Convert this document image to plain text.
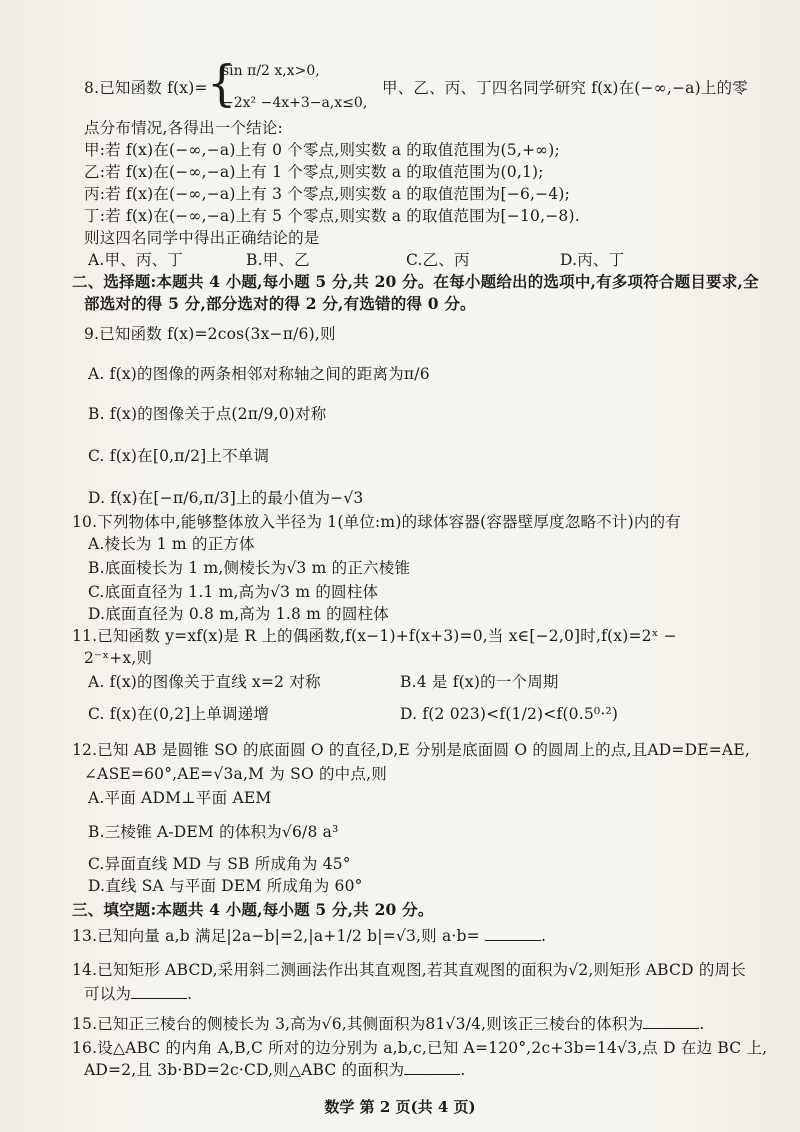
8.已知函数 f(x)= {
sin π/2 x,x>0,
−2x² −4x+3−a,x≤0,
甲、乙、丙、丁四名同学研究 f(x)在(−∞,−a)上的零
点分布情况,各得出一个结论:
甲:若 f(x)在(−∞,−a)上有 0 个零点,则实数 a 的取值范围为(5,+∞);
乙:若 f(x)在(−∞,−a)上有 1 个零点,则实数 a 的取值范围为(0,1);
丙:若 f(x)在(−∞,−a)上有 3 个零点,则实数 a 的取值范围为[−6,−4);
丁:若 f(x)在(−∞,−a)上有 5 个零点,则实数 a 的取值范围为[−10,−8).
则这四名同学中得出正确结论的是
A.甲、丙、丁	B.甲、乙	C.乙、丙	D.丙、丁
二、选择题:本题共 4 小题,每小题 5 分,共 20 分。在每小题给出的选项中,有多项符合题目要求,全
部选对的得 5 分,部分选对的得 2 分,有选错的得 0 分。
9.已知函数 f(x)=2cos(3x−π/6),则
A. f(x)的图像的两条相邻对称轴之间的距离为π/6
B. f(x)的图像关于点(2π/9,0)对称
C. f(x)在[0,π/2]上不单调
D. f(x)在[−π/6,π/3]上的最小值为−√3
10.下列物体中,能够整体放入半径为 1(单位:m)的球体容器(容器壁厚度忽略不计)内的有
A.棱长为 1 m 的正方体
B.底面棱长为 1 m,侧棱长为√3 m 的正六棱锥
C.底面直径为 1.1 m,高为√3 m 的圆柱体
D.底面直径为 0.8 m,高为 1.8 m 的圆柱体
11.已知函数 y=xf(x)是 R 上的偶函数,f(x−1)+f(x+3)=0,当 x∈[−2,0]时,f(x)=2ˣ −
2⁻ˣ+x,则
A. f(x)的图像关于直线 x=2 对称	B.4 是 f(x)的一个周期
C. f(x)在(0,2]上单调递增	D. f(2 023)<f(1/2)<f(0.5⁰·²)
12.已知 AB 是圆锥 SO 的底面圆 O 的直径,D,E 分别是底面圆 O 的圆周上的点,且AD=DE=AE,
∠ASE=60°,AE=√3a,M 为 SO 的中点,则
A.平面 ADM⊥平面 AEM
B.三棱锥 A-DEM 的体积为√6/8 a³
C.异面直线 MD 与 SB 所成角为 45°
D.直线 SA 与平面 DEM 所成角为 60°
三、填空题:本题共 4 小题,每小题 5 分,共 20 分。
13.已知向量 a,b 满足|2a−b|=2,|a+1/2 b|=√3,则 a·b=	.
14.已知矩形 ABCD,采用斜二测画法作出其直观图,若其直观图的面积为√2,则矩形 ABCD 的周长
可以为	.
15.已知正三棱台的侧棱长为 3,高为√6,其侧面积为81√3/4,则该正三棱台的体积为	.
16.设△ABC 的内角 A,B,C 所对的边分别为 a,b,c,已知 A=120°,2c+3b=14√3,点 D 在边 BC 上,
AD=2,且 3b·BD=2c·CD,则△ABC 的面积为	.
数学 第 2 页(共 4 页)
